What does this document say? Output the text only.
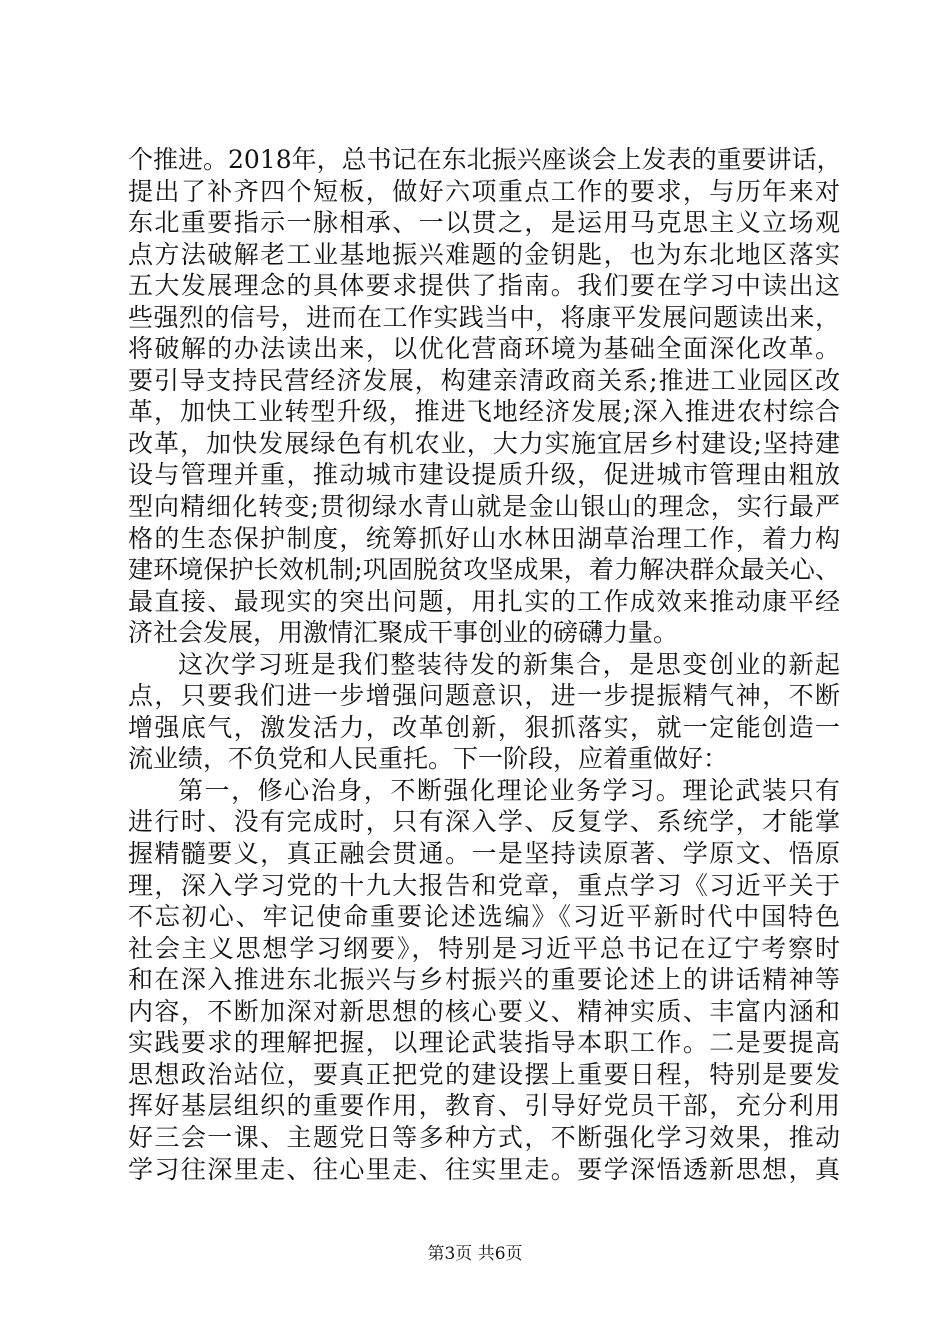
个推进。2018年，总书记在东北振兴座谈会上发表的重要讲话，
提出了补齐四个短板，做好六项重点工作的要求，与历年来对
东北重要指示一脉相承、一以贯之，是运用马克思主义立场观
点方法破解老工业基地振兴难题的金钥匙，也为东北地区落实
五大发展理念的具体要求提供了指南。我们要在学习中读出这
些强烈的信号，进而在工作实践当中，将康平发展问题读出来，
将破解的办法读出来，以优化营商环境为基础全面深化改革。
要引导支持民营经济发展，构建亲清政商关系;推进工业园区改
革，加快工业转型升级，推进飞地经济发展;深入推进农村综合
改革，加快发展绿色有机农业，大力实施宜居乡村建设;坚持建
设与管理并重，推动城市建设提质升级，促进城市管理由粗放
型向精细化转变;贯彻绿水青山就是金山银山的理念，实行最严
格的生态保护制度，统筹抓好山水林田湖草治理工作，着力构
建环境保护长效机制;巩固脱贫攻坚成果，着力解决群众最关心、
最直接、最现实的突出问题，用扎实的工作成效来推动康平经
济社会发展，用激情汇聚成干事创业的磅礴力量。
这次学习班是我们整装待发的新集合，是思变创业的新起
点，只要我们进一步增强问题意识，进一步提振精气神，不断
增强底气，激发活力，改革创新，狠抓落实，就一定能创造一
流业绩，不负党和人民重托。下一阶段，应着重做好：
第一，修心治身，不断强化理论业务学习。理论武装只有
进行时、没有完成时，只有深入学、反复学、系统学，才能掌
握精髓要义，真正融会贯通。一是坚持读原著、学原文、悟原
理，深入学习党的十九大报告和党章，重点学习《习近平关于
不忘初心、牢记使命重要论述选编》《习近平新时代中国特色
社会主义思想学习纲要》，特别是习近平总书记在辽宁考察时
和在深入推进东北振兴与乡村振兴的重要论述上的讲话精神等
内容，不断加深对新思想的核心要义、精神实质、丰富内涵和
实践要求的理解把握，以理论武装指导本职工作。二是要提高
思想政治站位，要真正把党的建设摆上重要日程，特别是要发
挥好基层组织的重要作用，教育、引导好党员干部，充分利用
好三会一课、主题党日等多种方式，不断强化学习效果，推动
学习往深里走、往心里走、往实里走。要学深悟透新思想，真
第3页 共6页
